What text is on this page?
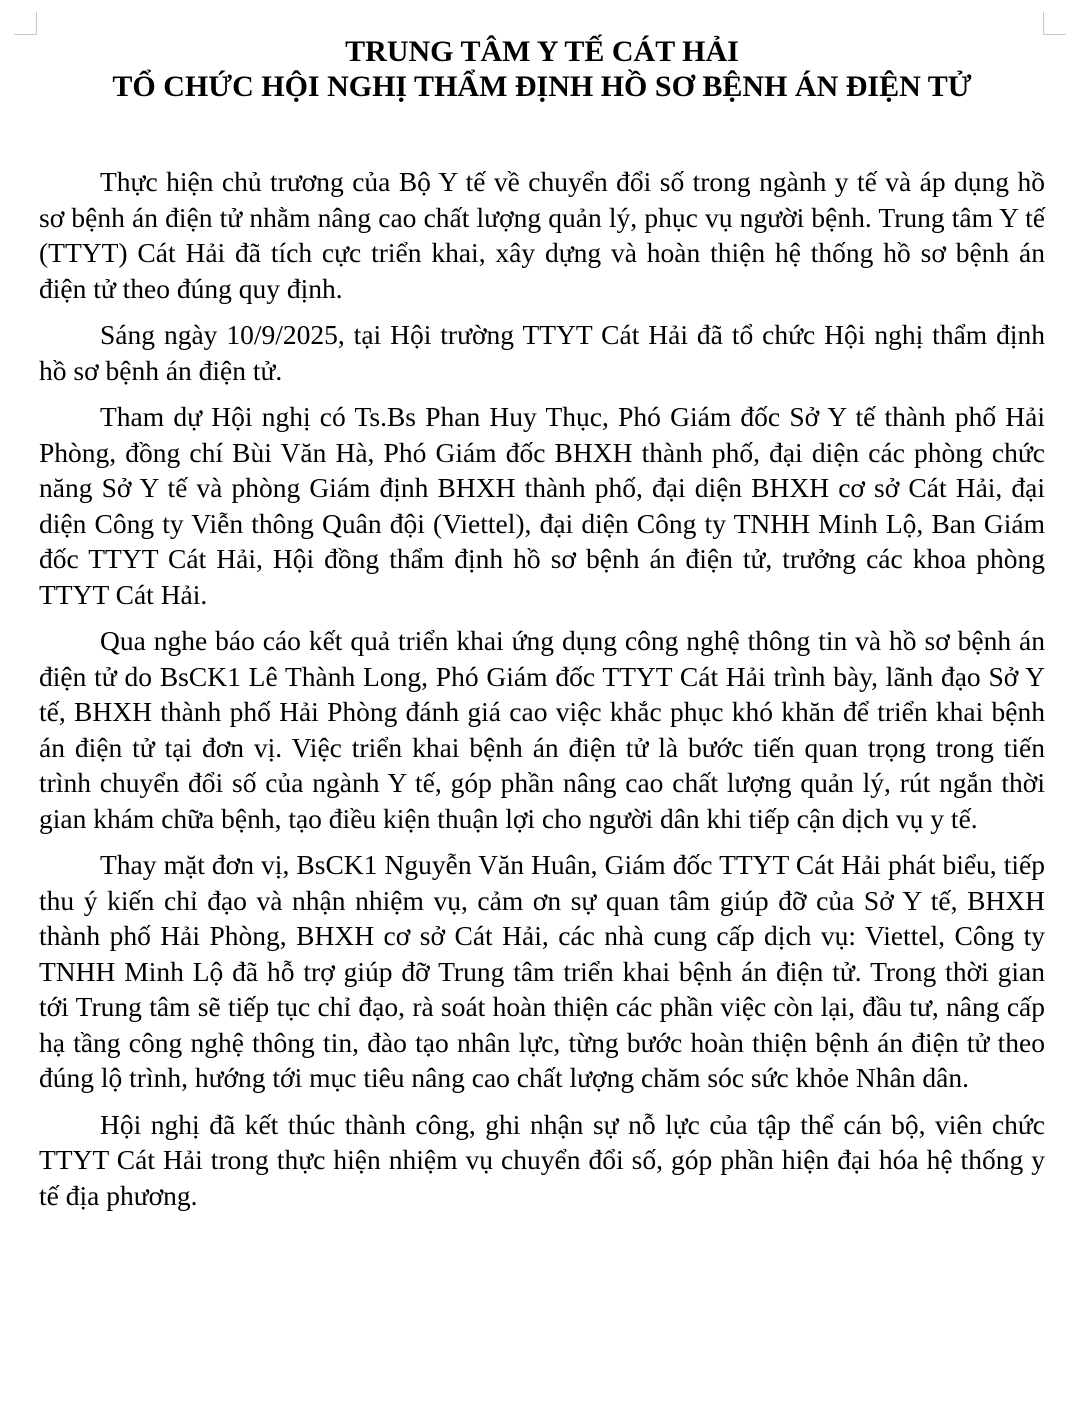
TRUNG TÂM Y TẾ CÁT HẢI
TỔ CHỨC HỘI NGHỊ THẨM ĐỊNH HỒ SƠ BỆNH ÁN ĐIỆN TỬ

Thực hiện chủ trương của Bộ Y tế về chuyển đổi số trong ngành y tế và áp dụng hồ sơ bệnh án điện tử nhằm nâng cao chất lượng quản lý, phục vụ người bệnh. Trung tâm Y tế (TTYT) Cát Hải đã tích cực triển khai, xây dựng và hoàn thiện hệ thống hồ sơ bệnh án điện tử theo đúng quy định.

Sáng ngày 10/9/2025, tại Hội trường TTYT Cát Hải đã tổ chức Hội nghị thẩm định hồ sơ bệnh án điện tử.

Tham dự Hội nghị có Ts.Bs Phan Huy Thục, Phó Giám đốc Sở Y tế thành phố Hải Phòng, đồng chí Bùi Văn Hà, Phó Giám đốc BHXH thành phố, đại diện các phòng chức năng Sở Y tế và phòng Giám định BHXH thành phố, đại diện BHXH cơ sở Cát Hải, đại diện Công ty Viễn thông Quân đội (Viettel), đại diện Công ty TNHH Minh Lộ, Ban Giám đốc TTYT Cát Hải, Hội đồng thẩm định hồ sơ bệnh án điện tử, trưởng các khoa phòng TTYT Cát Hải.

Qua nghe báo cáo kết quả triển khai ứng dụng công nghệ thông tin và hồ sơ bệnh án điện tử do BsCK1 Lê Thành Long, Phó Giám đốc TTYT Cát Hải trình bày, lãnh đạo Sở Y tế, BHXH thành phố Hải Phòng đánh giá cao việc khắc phục khó khăn để triển khai bệnh án điện tử tại đơn vị. Việc triển khai bệnh án điện tử là bước tiến quan trọng trong tiến trình chuyển đổi số của ngành Y tế, góp phần nâng cao chất lượng quản lý, rút ngắn thời gian khám chữa bệnh, tạo điều kiện thuận lợi cho người dân khi tiếp cận dịch vụ y tế.

Thay mặt đơn vị, BsCK1 Nguyễn Văn Huân, Giám đốc TTYT Cát Hải phát biểu, tiếp thu ý kiến chỉ đạo và nhận nhiệm vụ, cảm ơn sự quan tâm giúp đỡ của Sở Y tế, BHXH thành phố Hải Phòng, BHXH cơ sở Cát Hải, các nhà cung cấp dịch vụ: Viettel, Công ty TNHH Minh Lộ đã hỗ trợ giúp đỡ Trung tâm triển khai bệnh án điện tử. Trong thời gian tới Trung tâm sẽ tiếp tục chỉ đạo, rà soát hoàn thiện các phần việc còn lại, đầu tư, nâng cấp hạ tầng công nghệ thông tin, đào tạo nhân lực, từng bước hoàn thiện bệnh án điện tử theo đúng lộ trình, hướng tới mục tiêu nâng cao chất lượng chăm sóc sức khỏe Nhân dân.

Hội nghị đã kết thúc thành công, ghi nhận sự nỗ lực của tập thể cán bộ, viên chức TTYT Cát Hải trong thực hiện nhiệm vụ chuyển đổi số, góp phần hiện đại hóa hệ thống y tế địa phương.
